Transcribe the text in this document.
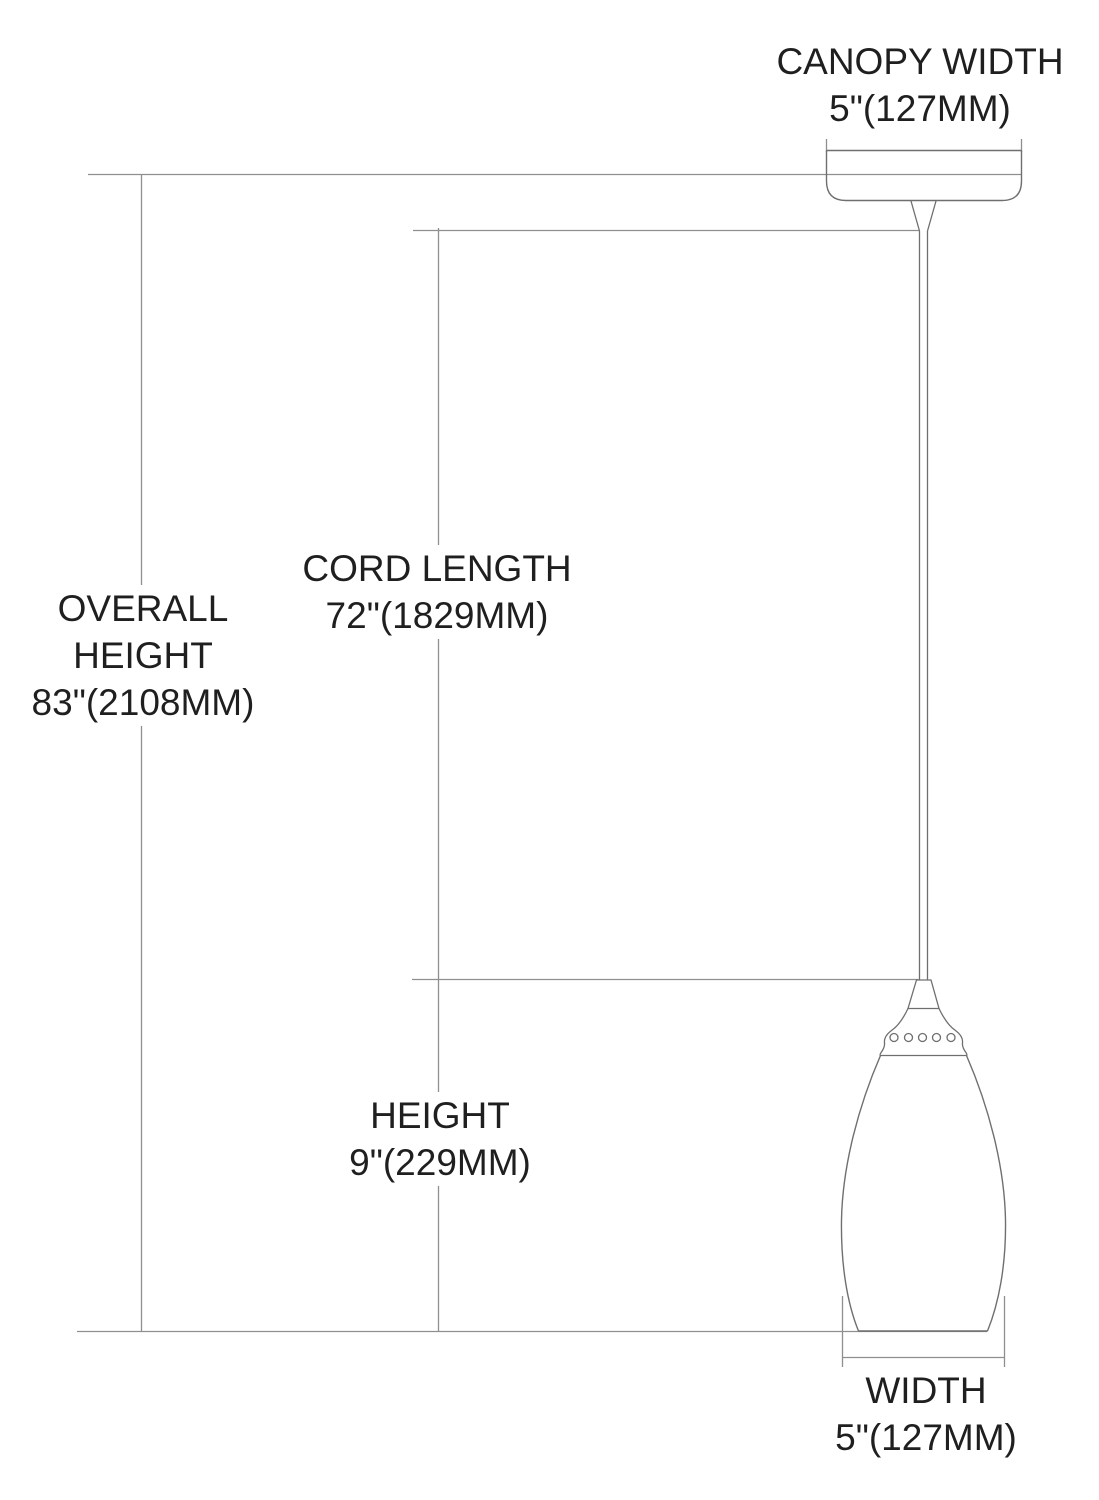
CANOPY WIDTH
5"(127MM)
OVERALL
HEIGHT
83"(2108MM)
CORD LENGTH
72"(1829MM)
HEIGHT
9"(229MM)
WIDTH
5"(127MM)
